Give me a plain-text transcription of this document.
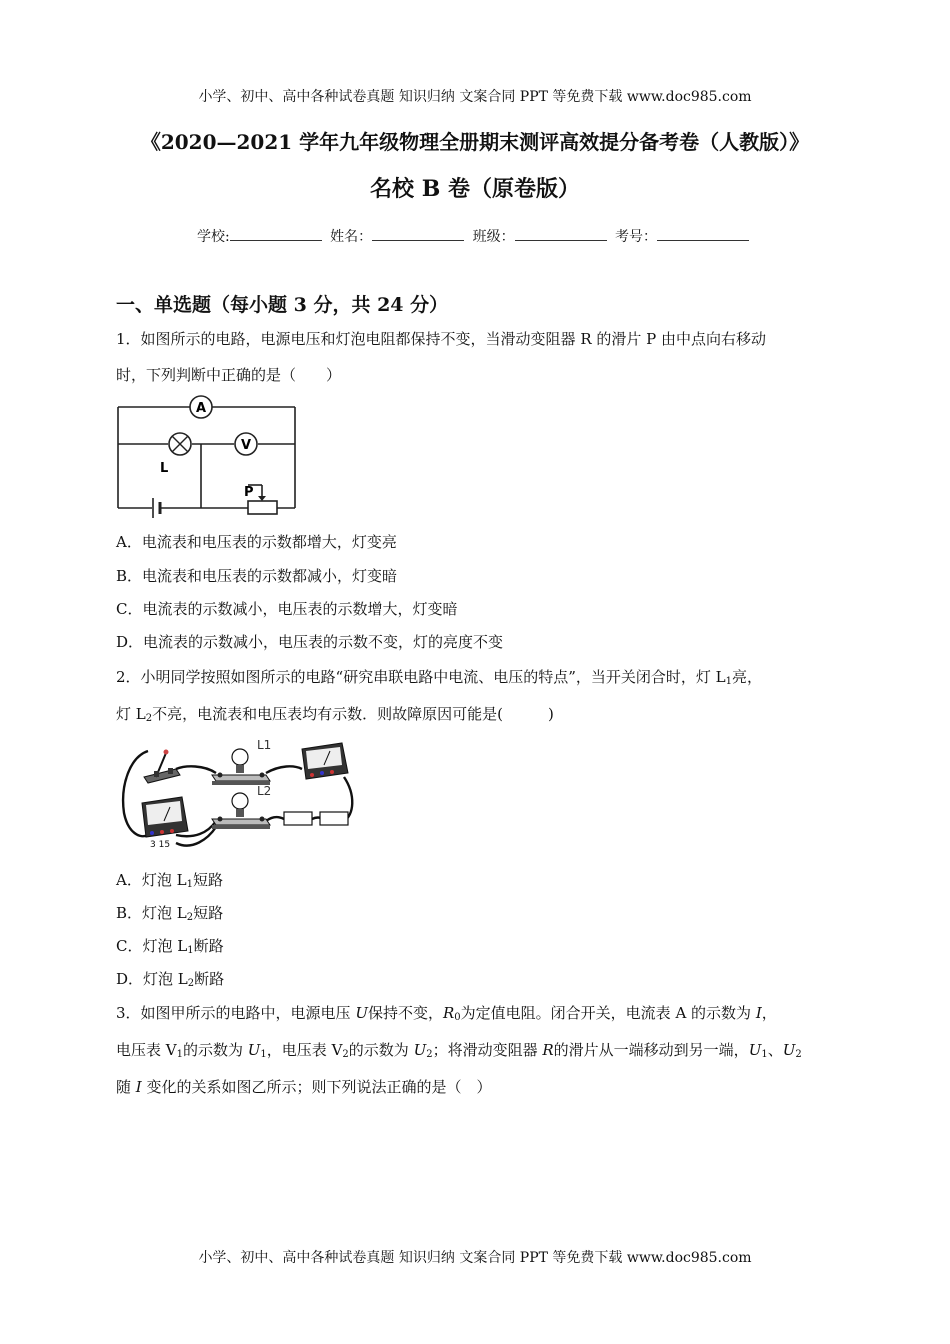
小学、初中、高中各种试卷真题 知识归纳 文案合同 PPT 等免费下载 www.doc985.com
《2020—2021 学年九年级物理全册期末测评高效提分备考卷（人教版）》
名校 B 卷（原卷版）
学校:	姓名：	班级：	考号：
一、单选题（每小题 3 分，共 24 分）
1．如图所示的电路，电源电压和灯泡电阻都保持不变，当滑动变阻器 R 的滑片 P 由中点向右移动
时，下列判断中正确的是（　　）
A
L
V
P
A．电流表和电压表的示数都增大，灯变亮
B．电流表和电压表的示数都减小，灯变暗
C．电流表的示数减小，电压表的示数增大，灯变暗
D．电流表的示数减小，电压表的示数不变，灯的亮度不变
2．小明同学按照如图所示的电路“研究串联电路中电流、电压的特点”，当开关闭合时，灯 $L_1$亮，
灯 $L_2$不亮，电流表和电压表均有示数．则故障原因可能是(　　　)
L1
L2
3 15
A．灯泡 $L_1$短路
B．灯泡 $L_2$短路
C．灯泡 $L_1$断路
D．灯泡 $L_2$断路
3．如图甲所示的电路中，电源电压 U保持不变，$R_0$为定值电阻。闭合开关，电流表 A 的示数为 I，
电压表 $V_1$的示数为 $U_1$，电压表 $V_2$的示数为 $U_2$；将滑动变阻器 R的滑片从一端移动到另一端，$U_1$、$U_2$
随 I 变化的关系如图乙所示；则下列说法正确的是（　）
小学、初中、高中各种试卷真题 知识归纳 文案合同 PPT 等免费下载 www.doc985.com
